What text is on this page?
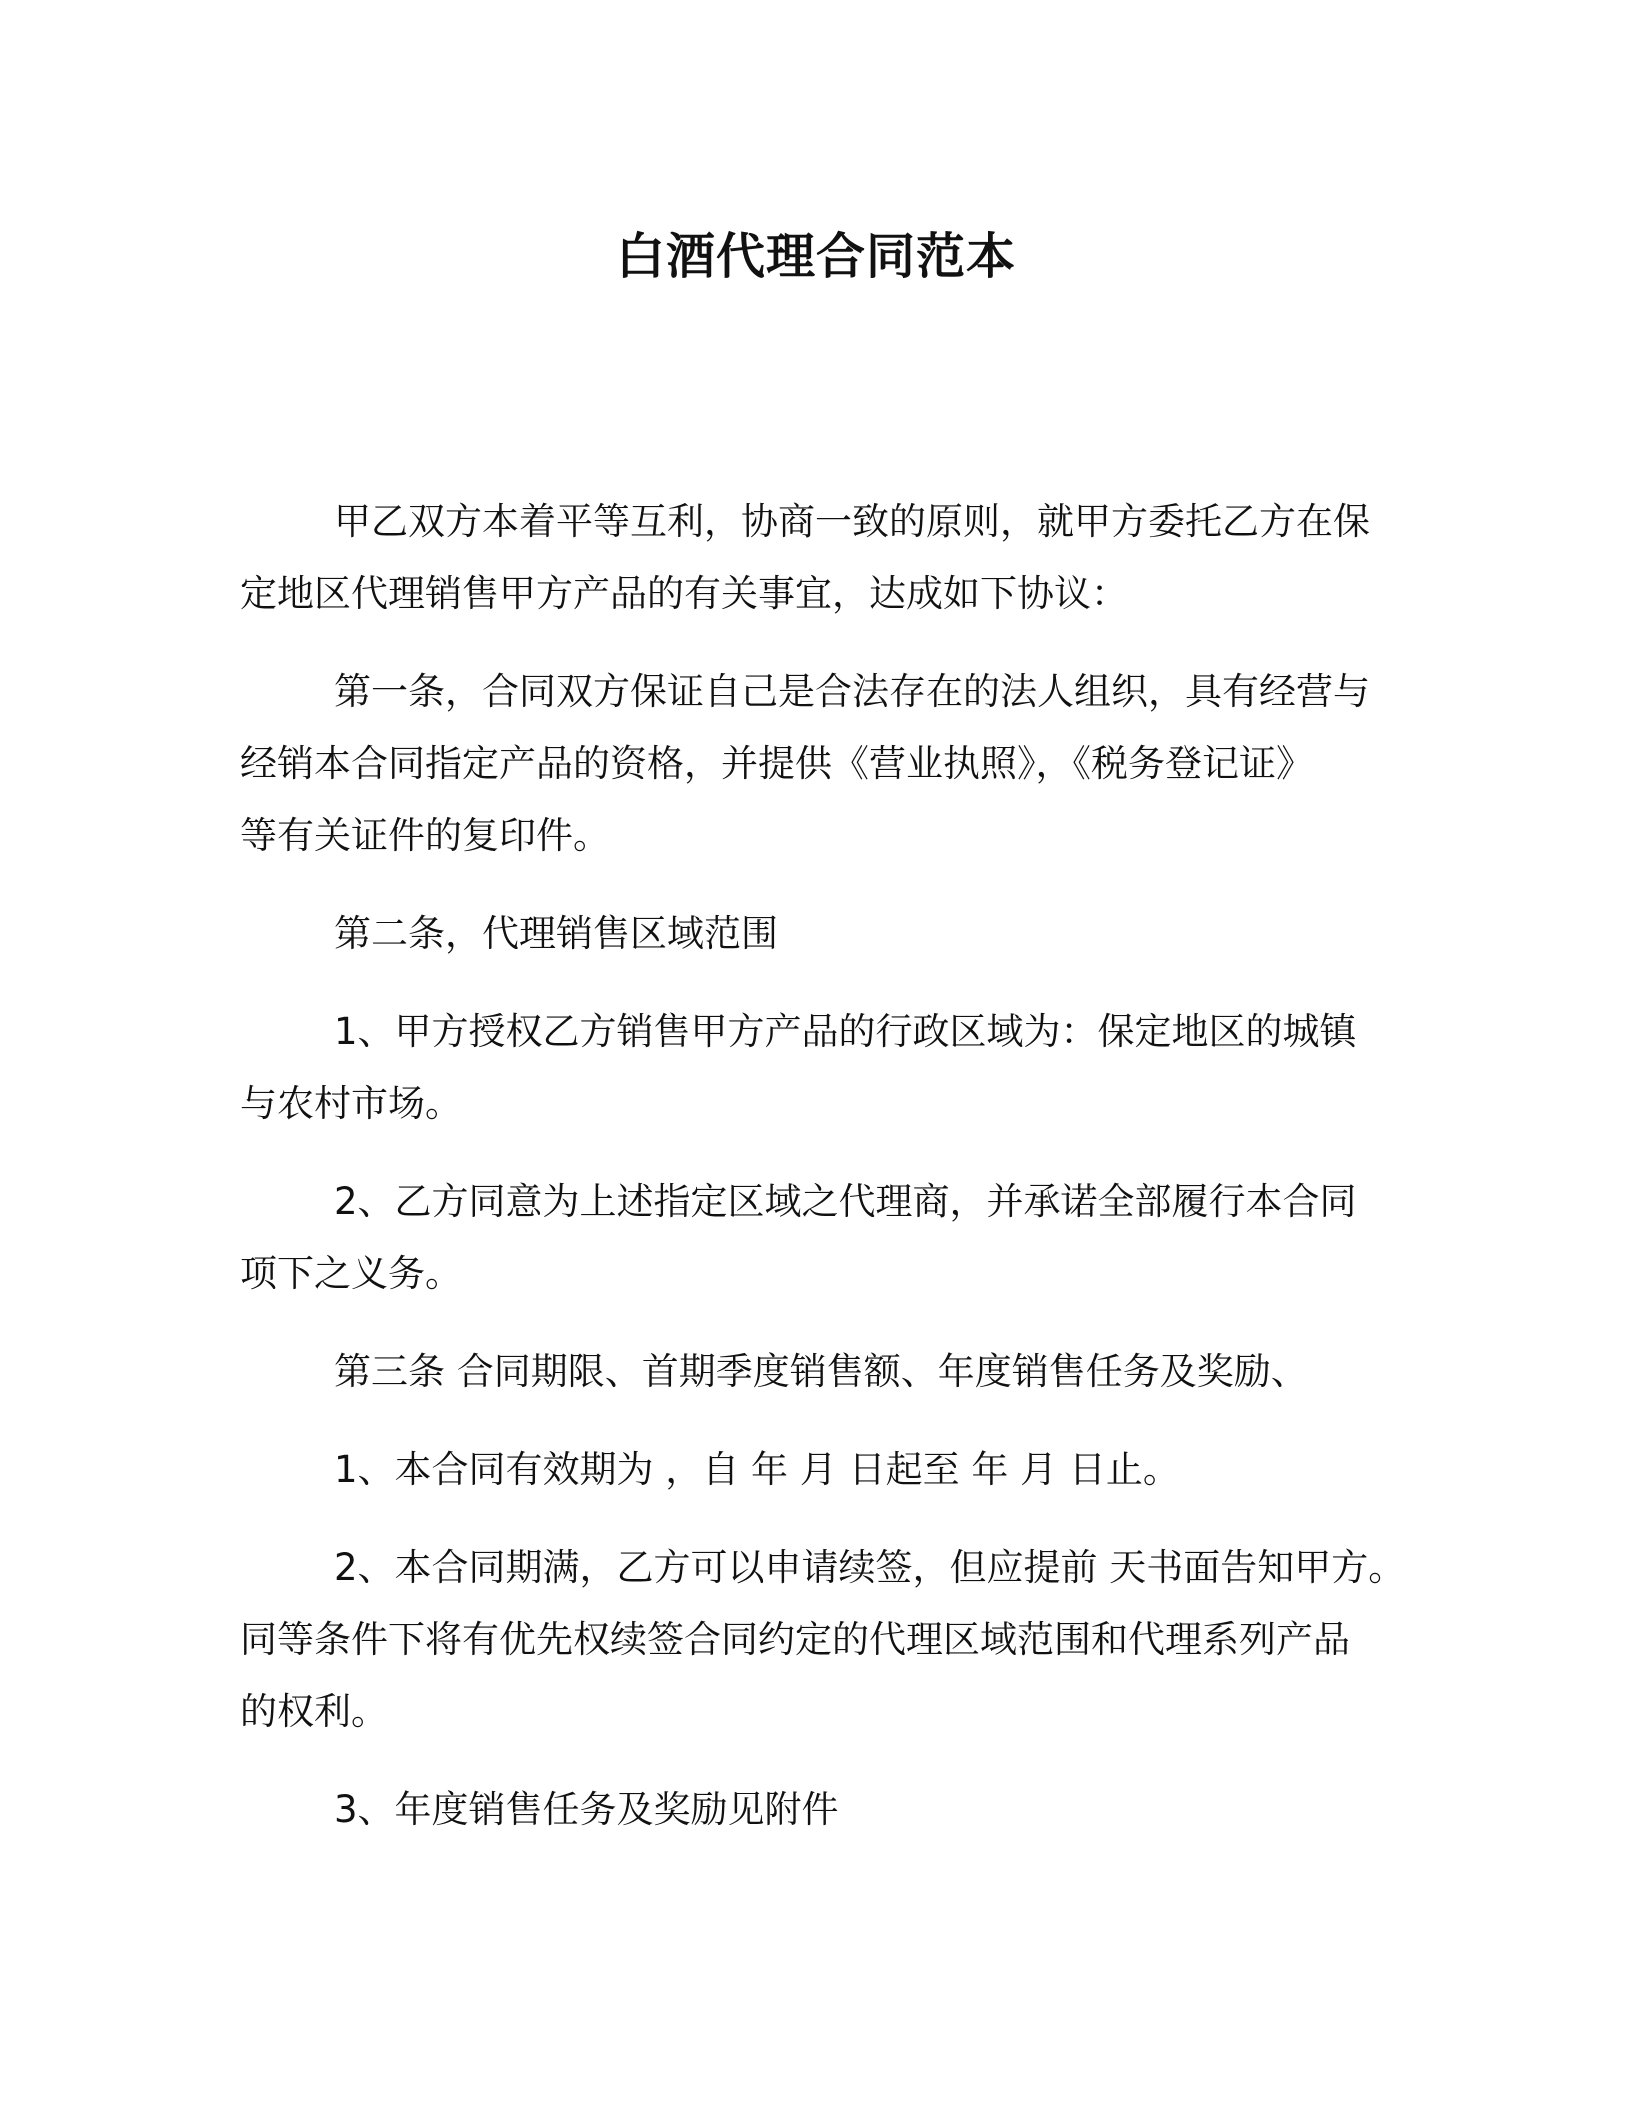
白酒代理合同范本

甲乙双方本着平等互利，协商一致的原则，就甲方委托乙方在保
定地区代理销售甲方产品的有关事宜，达成如下协议：

第一条，合同双方保证自己是合法存在的法人组织，具有经营与
经销本合同指定产品的资格，并提供《营业执照》，《税务登记证》
等有关证件的复印件。

第二条，代理销售区域范围

1、甲方授权乙方销售甲方产品的行政区域为：保定地区的城镇
与农村市场。

2、乙方同意为上述指定区域之代理商，并承诺全部履行本合同
项下之义务。

第三条 合同期限、首期季度销售额、年度销售任务及奖励、

1、本合同有效期为 ，自 年 月 日起至 年 月 日止。

2、本合同期满，乙方可以申请续签，但应提前 天书面告知甲方。
同等条件下将有优先权续签合同约定的代理区域范围和代理系列产品
的权利。

3、年度销售任务及奖励见附件
